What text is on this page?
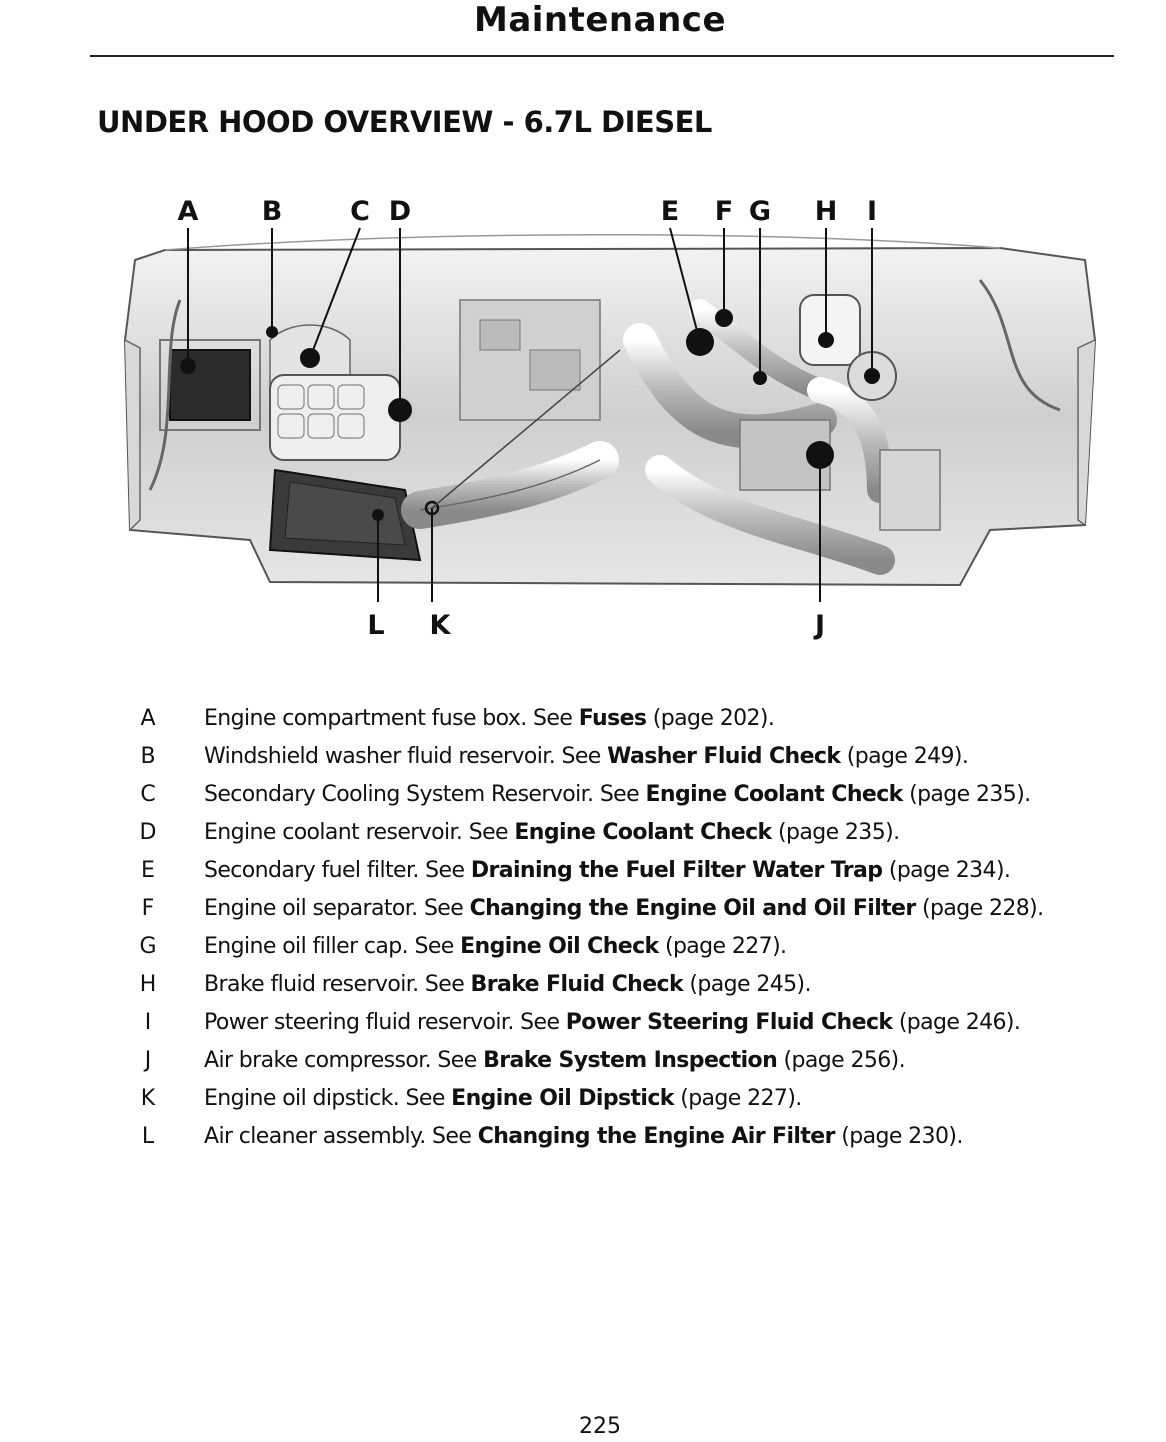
Maintenance
UNDER HOOD OVERVIEW - 6.7L DIESEL
A B	C D	E F G H I
L K	J
A Engine compartment fuse box. See Fuses (page 202).
B Windshield washer fluid reservoir. See Washer Fluid Check (page 249).
C Secondary Cooling System Reservoir. See Engine Coolant Check (page 235).
D Engine coolant reservoir. See Engine Coolant Check (page 235).
E Secondary fuel filter. See Draining the Fuel Filter Water Trap (page 234).
F Engine oil separator. See Changing the Engine Oil and Oil Filter (page 228).
G Engine oil filler cap. See Engine Oil Check (page 227).
H Brake fluid reservoir. See Brake Fluid Check (page 245).
I	Power steering fluid reservoir. See Power Steering Fluid Check (page 246).
J	Air brake compressor. See Brake System Inspection (page 256).
K Engine oil dipstick. See Engine Oil Dipstick (page 227).
L Air cleaner assembly. See Changing the Engine Air Filter (page 230).
225
